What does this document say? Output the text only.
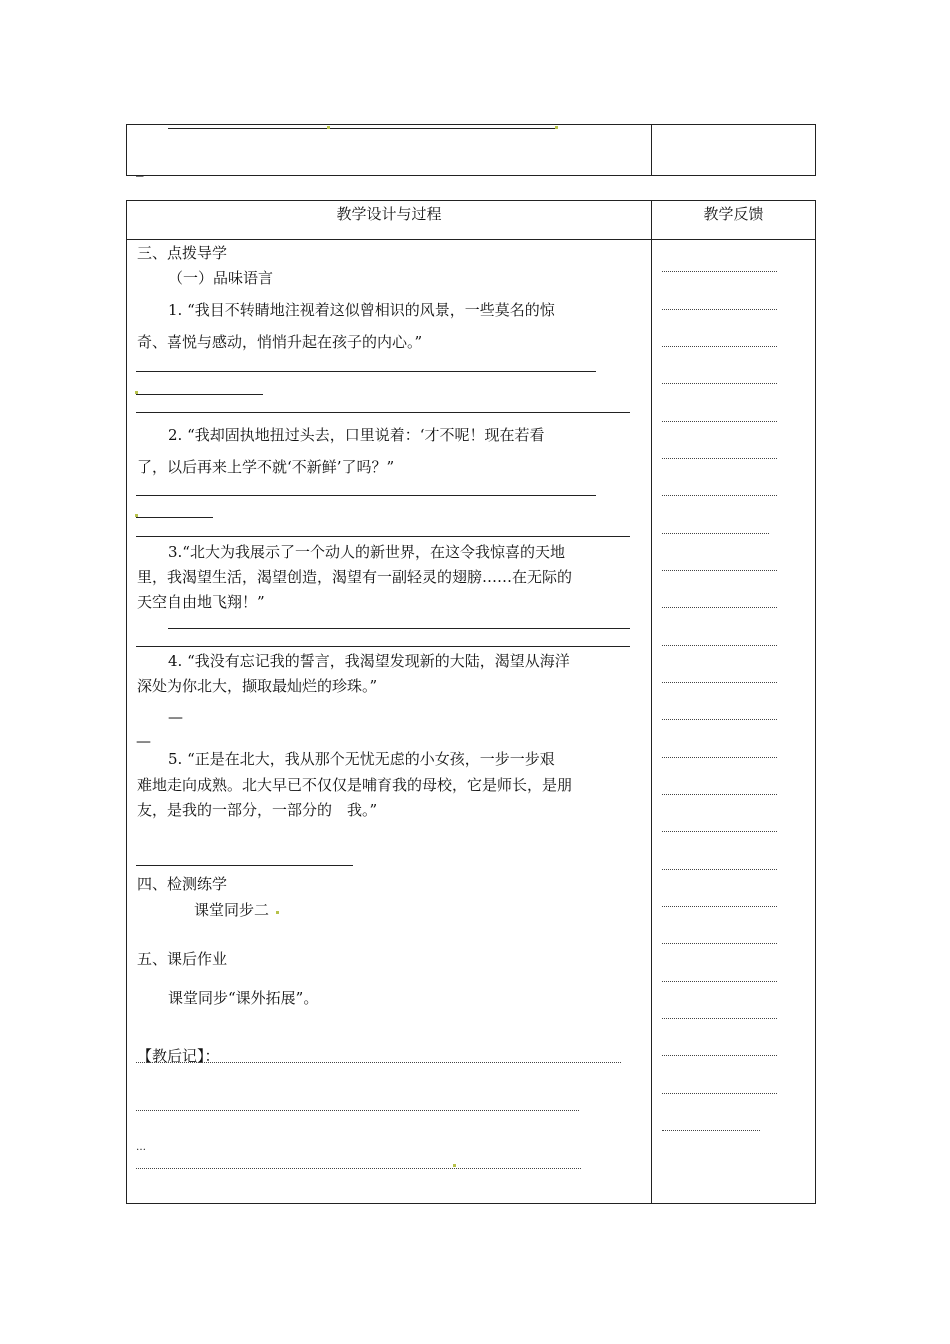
_
教学设计与过程	教学反馈
三、点拨导学
（一）品味语言
1. “我目不转睛地注视着这似曾相识的风景，一些莫名的惊
奇、喜悦与感动，悄悄升起在孩子的内心。”
2. “我却固执地扭过头去，口里说着：‘才不呢！现在若看
了，以后再来上学不就‘不新鲜’了吗？”
3.“北大为我展示了一个动人的新世界，在这令我惊喜的天地
里，我渴望生活，渴望创造，渴望有一副轻灵的翅膀……在无际的
天空自由地飞翔！”
4. “我没有忘记我的誓言，我渴望发现新的大陆，渴望从海洋
深处为你北大，撷取最灿烂的珍珠。”
—
—
5. “正是在北大，我从那个无忧无虑的小女孩，一步一步艰
难地走向成熟。北大早已不仅仅是哺育我的母校，它是师长，是朋
友，是我的一部分，一部分的　我。”
四、检测练学
课堂同步二
五、课后作业
课堂同步“课外拓展”。
【教后记】：
…
